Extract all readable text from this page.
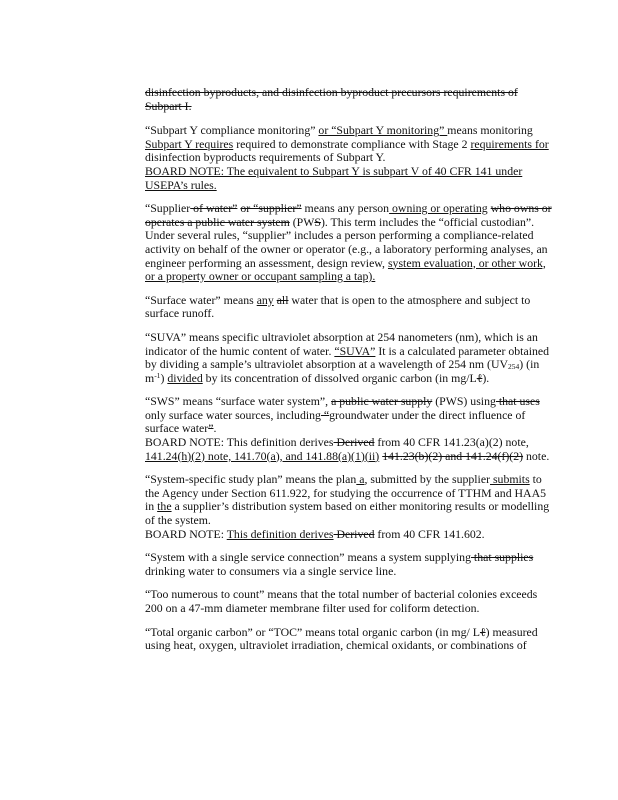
disinfection byproducts, and disinfection byproduct precursors requirements of Subpart I.

“Subpart Y compliance monitoring” or “Subpart Y monitoring” means monitoring Subpart Y requires required to demonstrate compliance with Stage 2 requirements for disinfection byproducts requirements of Subpart Y.
BOARD NOTE: The equivalent to Subpart Y is subpart V of 40 CFR 141 under USEPA’s rules.

“Supplier of water” or “supplier” means any person owning or operating who owns or operates a public water system (PWS). This term includes the “official custodian”. Under several rules, “supplier” includes a person performing a compliance-related activity on behalf of the owner or operator (e.g., a laboratory performing analyses, an engineer performing an assessment, design review, system evaluation, or other work, or a property owner or occupant sampling a tap).

“Surface water” means any all water that is open to the atmosphere and subject to surface runoff.

“SUVA” means specific ultraviolet absorption at 254 nanometers (nm), which is an indicator of the humic content of water. “SUVA” It is a calculated parameter obtained by dividing a sample’s ultraviolet absorption at a wavelength of 254 nm $(UV_{254})$ (in $m^{-1}$) divided by its concentration of dissolved organic carbon (in mg/Lℓ).

“SWS” means “surface water system”, a public water supply (PWS) using that uses only surface water sources, including “groundwater under the direct influence of surface water”.
BOARD NOTE: This definition derives Derived from 40 CFR 141.23(a)(2) note, 141.24(h)(2) note, 141.70(a), and 141.88(a)(1)(ii) 141.23(b)(2) and 141.24(f)(2) note.

“System-specific study plan” means the plan a, submitted by the supplier submits to the Agency under Section 611.922, for studying the occurrence of TTHM and HAA5 in the a supplier’s distribution system based on either monitoring results or modelling of the system.
BOARD NOTE: This definition derives Derived from 40 CFR 141.602.

“System with a single service connection” means a system supplying that supplies drinking water to consumers via a single service line.

“Too numerous to count” means that the total number of bacterial colonies exceeds 200 on a 47-mm diameter membrane filter used for coliform detection.

“Total organic carbon” or “TOC” means total organic carbon (in mg/ Lℓ) measured using heat, oxygen, ultraviolet irradiation, chemical oxidants, or combinations of
